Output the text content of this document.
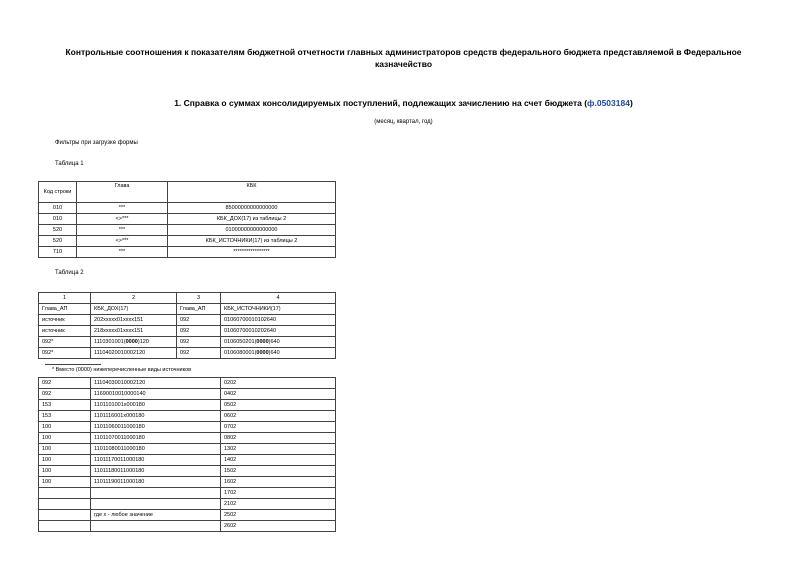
Контрольные соотношения к показателям бюджетной отчетности главных администраторов средств федерального бюджета представляемой в Федеральное казначейство
1. Справка о суммах консолидируемых поступлений, подлежащих зачислению на счет бюджета (ф.0503184)
(месяц, квартал, год)
Фильтры при загрузке формы
Таблица 1
Код строки	Глава	КБК
010	***	85000000000000000
010	<>***	КБК_ДОХ(17) из таблицы 2
520	***	01000000000000000
520	<>***	КБК_ИСТОЧНИКИ(17) из таблицы 2
710	***	*****************
Таблица 2
1	2	3	4
Глава_АП	КБК_ДОХ(17)	Глава_АП	КБК_ИСТОЧНИКИ(17)
источник	202xxxxx01xxxx151	092	01060700010102640
источник	218xxxxx01xxxx151	092	01060700010202640
092*	1110301001(0000)120	092	0106050201(0000)640
092*	1110402001000212​0	092	0106080001(0000)640
* Вместо (0000) нижеперечисленные виды источников
092	11104030010002120	0202
092	11690010010000140	0402
153	1101101001x000180	0502
153	1101116001x000180	0602
100	11011060011000180	0702
100	11011070011000180	0802
100	11011080011000180	1302
100	11011170011000180	1402
100	11011180011000180	1502
100	11011190011000180	1602
		1702
		2102
	где x - любое значение	2502
		2602
